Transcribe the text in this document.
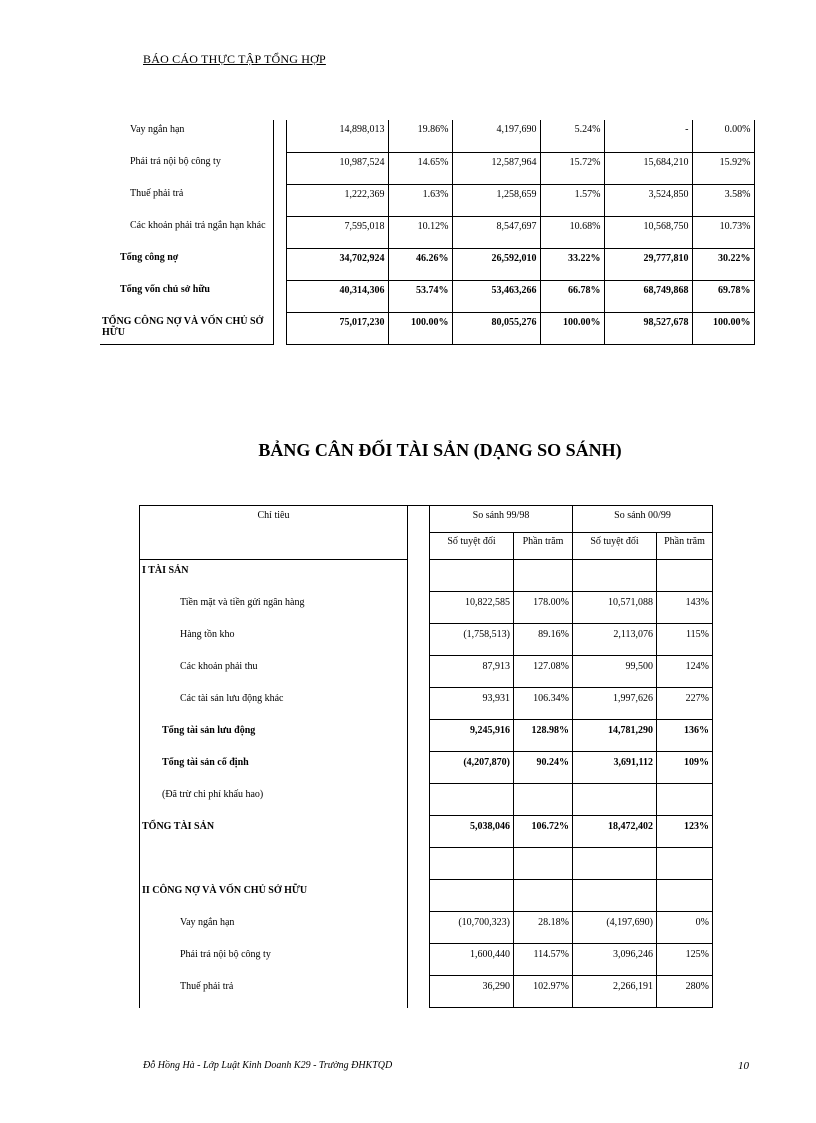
BÁO CÁO THỰC TẬP TỔNG HỢP
Vay ngắn hạn		14,898,013	19.86%	4,197,690	5.24%	-	0.00%
Phải trả nội bộ công ty		10,987,524	14.65%	12,587,964	15.72%	15,684,210	15.92%
Thuế phải trả		1,222,369	1.63%	1,258,659	1.57%	3,524,850	3.58%
Các khoản phải trả ngắn hạn khác		7,595,018	10.12%	8,547,697	10.68%	10,568,750	10.73%
Tổng công nợ		34,702,924	46.26%	26,592,010	33.22%	29,777,810	30.22%
Tổng vốn chủ sở hữu		40,314,306	53.74%	53,463,266	66.78%	68,749,868	69.78%
TỔNG CÔNG NỢ VÀ VỐN CHỦ SỞ HỮU		75,017,230	100.00%	80,055,276	100.00%	98,527,678	100.00%
BẢNG CÂN ĐỐI TÀI SẢN (DẠNG SO SÁNH)
Chỉ tiêu		So sánh 99/98		So sánh 00/99	
		Số tuyệt đối	Phần trăm	Số tuyệt đối	Phần trăm
I TÀI SẢN					
Tiền mặt và tiền gửi ngân hàng		10,822,585	178.00%	10,571,088	143%
Hàng tồn kho		(1,758,513)	89.16%	2,113,076	115%
Các khoản phải thu		87,913	127.08%	99,500	124%
Các tài sản lưu động khác		93,931	106.34%	1,997,626	227%
Tổng tài sản lưu động		9,245,916	128.98%	14,781,290	136%
Tổng tài sản cố định		(4,207,870)	90.24%	3,691,112	109%
(Đã trừ chi phí khấu hao)					
TỔNG TÀI SẢN		5,038,046	106.72%	18,472,402	123%

II CÔNG NỢ VÀ VỐN CHỦ SỞ HỮU					
Vay ngắn hạn		(10,700,323)	28.18%	(4,197,690)	0%
Phải trả nội bộ công ty		1,600,440	114.57%	3,096,246	125%
Thuế phải trả		36,290	102.97%	2,266,191	280%
Đỗ Hồng Hà - Lớp Luật Kinh Doanh K29 - Trường ĐHKTQD	10
